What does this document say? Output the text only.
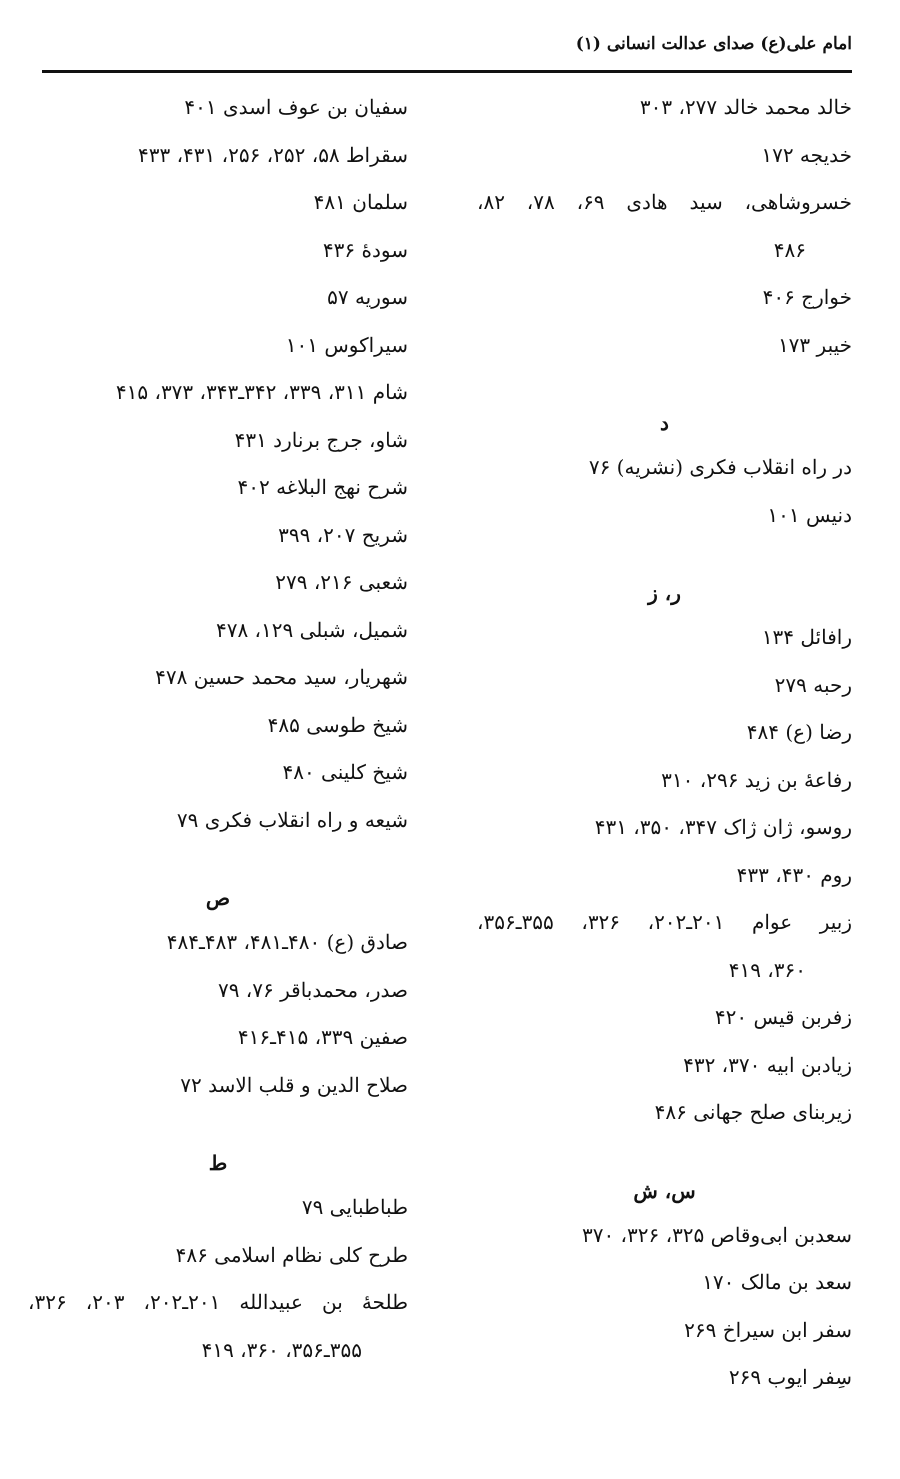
امام علی(ع) صدای عدالت انسانی (۱)
خالد محمد خالد ۲۷۷، ۳۰۳
خدیجه ۱۷۲
خسروشاهی، سید هادی ۶۹، ۷۸، ۸۲،
۴۸۶
خوارج ۴۰۶
خیبر ۱۷۳
د
در راه انقلاب فکری (نشریه) ۷۶
دنیس ۱۰۱
ر، ز
رافائل ۱۳۴
رحبه ۲۷۹
رضا (ع) ۴۸۴
رفاعهٔ بن زید ۲۹۶، ۳۱۰
روسو، ژان ژاک ۳۴۷، ۳۵۰، ۴۳۱
روم ۴۳۰، ۴۳۳
زبیر عوام ۲۰۱ـ۲۰۲، ۳۲۶، ۳۵۵ـ۳۵۶،
۳۶۰، ۴۱۹
زفربن قیس ۴۲۰
زیادبن ابیه ۳۷۰، ۴۳۲
زیربنای صلح جهانی ۴۸۶
س، ش
سعدبن ابی‌وقاص ۳۲۵، ۳۲۶، ۳۷۰
سعد بن مالک ۱۷۰
سفر ابن سیراخ ۲۶۹
سِفر ایوب ۲۶۹
سفیان بن عوف اسدی ۴۰۱
سقراط ۵۸، ۲۵۲، ۲۵۶، ۴۳۱، ۴۳۳
سلمان ۴۸۱
سودهٔ ۴۳۶
سوریه ۵۷
سیراکوس ۱۰۱
شام ۳۱۱، ۳۳۹، ۳۴۲ـ۳۴۳، ۳۷۳، ۴۱۵
شاو، جرج برنارد ۴۳۱
شرح نهج البلاغه ۴۰۲
شریح ۲۰۷، ۳۹۹
شعبی ۲۱۶، ۲۷۹
شمیل، شبلی ۱۲۹، ۴۷۸
شهریار، سید محمد حسین ۴۷۸
شیخ طوسی ۴۸۵
شیخ کلینی ۴۸۰
شیعه و راه انقلاب فکری ۷۹
ص
صادق (ع) ۴۸۰ـ۴۸۱، ۴۸۳ـ۴۸۴
صدر، محمدباقر ۷۶، ۷۹
صفین ۳۳۹، ۴۱۵ـ۴۱۶
صلاح الدین و قلب الاسد ۷۲
ط
طباطبایی ۷۹
طرح کلی نظام اسلامی ۴۸۶
طلحهٔ بن عبیدالله ۲۰۱ـ۲۰۲، ۲۰۳، ۳۲۶،
۳۵۵ـ۳۵۶، ۳۶۰، ۴۱۹
